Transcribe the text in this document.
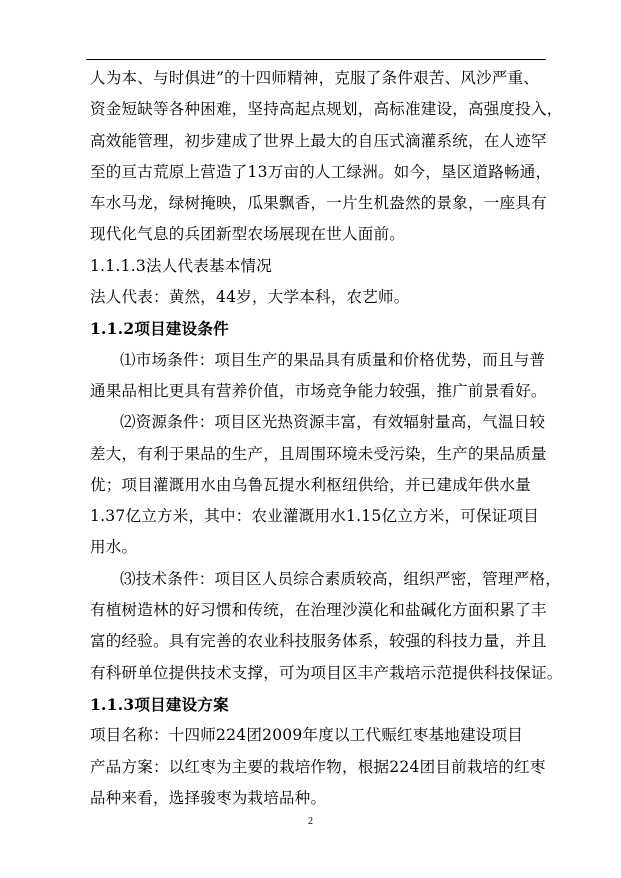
人为本、与时俱进”的十四师精神，克服了条件艰苦、风沙严重、
资金短缺等各种困难，坚持高起点规划，高标准建设，高强度投入，
高效能管理，初步建成了世界上最大的自压式滴灌系统，在人迹罕
至的亘古荒原上营造了13万亩的人工绿洲。如今，垦区道路畅通，
车水马龙，绿树掩映，瓜果飘香，一片生机盎然的景象，一座具有
现代化气息的兵团新型农场展现在世人面前。
1.1.1.3法人代表基本情况
法人代表：黄然，44岁，大学本科，农艺师。
1.1.2项目建设条件
⑴市场条件：项目生产的果品具有质量和价格优势，而且与普
通果品相比更具有营养价值，市场竞争能力较强，推广前景看好。
⑵资源条件：项目区光热资源丰富，有效辐射量高，气温日较
差大，有利于果品的生产，且周围环境未受污染，生产的果品质量
优；项目灌溉用水由乌鲁瓦提水利枢纽供给，并已建成年供水量
1.37亿立方米，其中：农业灌溉用水1.15亿立方米，可保证项目
用水。
⑶技术条件：项目区人员综合素质较高，组织严密，管理严格，
有植树造林的好习惯和传统，在治理沙漠化和盐碱化方面积累了丰
富的经验。具有完善的农业科技服务体系，较强的科技力量，并且
有科研单位提供技术支撑，可为项目区丰产栽培示范提供科技保证。
1.1.3项目建设方案
项目名称：十四师224团2009年度以工代赈红枣基地建设项目
产品方案：以红枣为主要的栽培作物，根据224团目前栽培的红枣
品种来看，选择骏枣为栽培品种。
2
